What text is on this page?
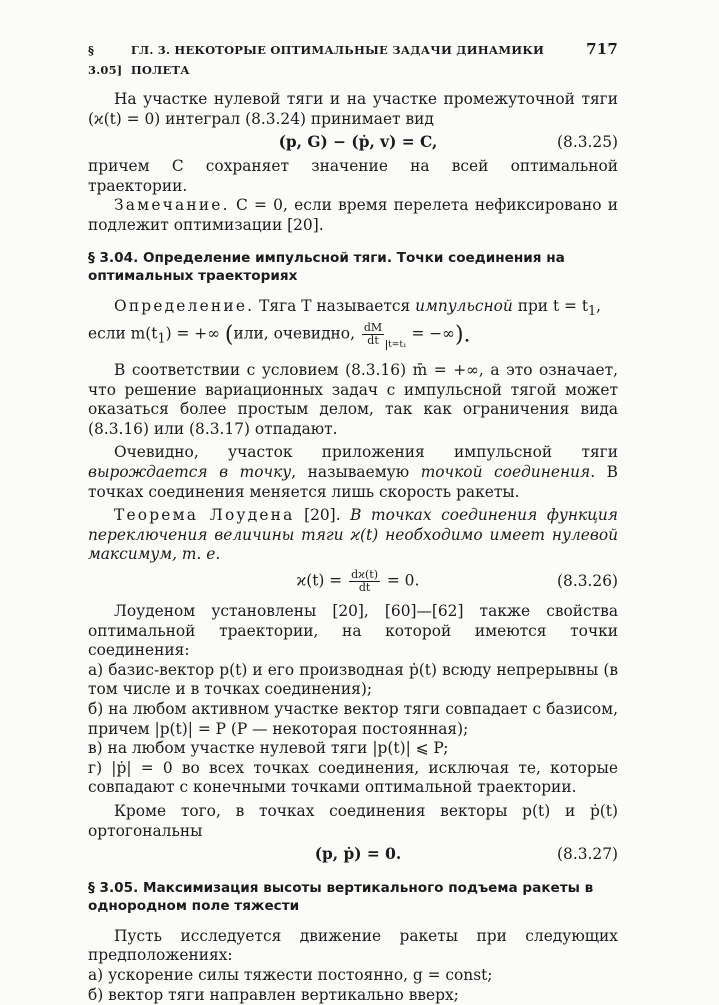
§ 3.05]
ГЛ. 3. НЕКОТОРЫЕ ОПТИМАЛЬНЫЕ ЗАДАЧИ ДИНАМИКИ ПОЛЕТА
717

На участке нулевой тяги и на участке промежуточной тяги (ϰ(t) = 0) интеграл (8.3.24) принимает вид

(p, G) − (ṗ, v) = C,	(8.3.25)

причем C сохраняет значение на всей оптимальной траектории.

Замечание. C = 0, если время перелета нефиксировано и подлежит оптимизации [20].

§ 3.04. Определение импульсной тяги. Точки соединения на оптимальных траекториях

Определение. Тяга T называется импульсной при $t = t_1$,

если $m(t_1)$ = +∞ (или, очевидно, $\frac{dM}{dt} _{t=t_1}$ = −∞).

В соответствии с условием (8.3.16) m̄ = +∞, а это означает, что решение вариационных задач с импульсной тягой может оказаться более простым делом, так как ограничения вида (8.3.16) или (8.3.17) отпадают.

Очевидно, участок приложения импульсной тяги вырождается в точку, называемую точкой соединения. В точках соединения меняется лишь скорость ракеты.

Теорема Лоудена [20]. В точках соединения функция переключения величины тяги ϰ(t) необходимо имеет нулевой максимум, т. е.

$ϰ(t) = \frac{dϰ(t)}{dt} = 0$.	(8.3.26)

Лоуденом установлены [20], [60]—[62] также свойства оптимальной траектории, на которой имеются точки соединения:

а) базис-вектор p(t) и его производная ṗ(t) всюду непрерывны (в том числе и в точках соединения);

б) на любом активном участке вектор тяги совпадает с базисом, причем |p(t)| = P (P — некоторая постоянная);

в) на любом участке нулевой тяги |p(t)| ⩽ P;

г) |ṗ| = 0 во всех точках соединения, исключая те, которые совпадают с конечными точками оптимальной траектории.

Кроме того, в точках соединения векторы p(t) и ṗ(t) ортогональны

(p, ṗ) = 0.	(8.3.27)
§ 3.05. Максимизация высоты вертикального подъема ракеты в однородном поле тяжести

Пусть исследуется движение ракеты при следующих предположениях:

а) ускорение силы тяжести постоянно, g = const;

б) вектор тяги направлен вертикально вверх;
